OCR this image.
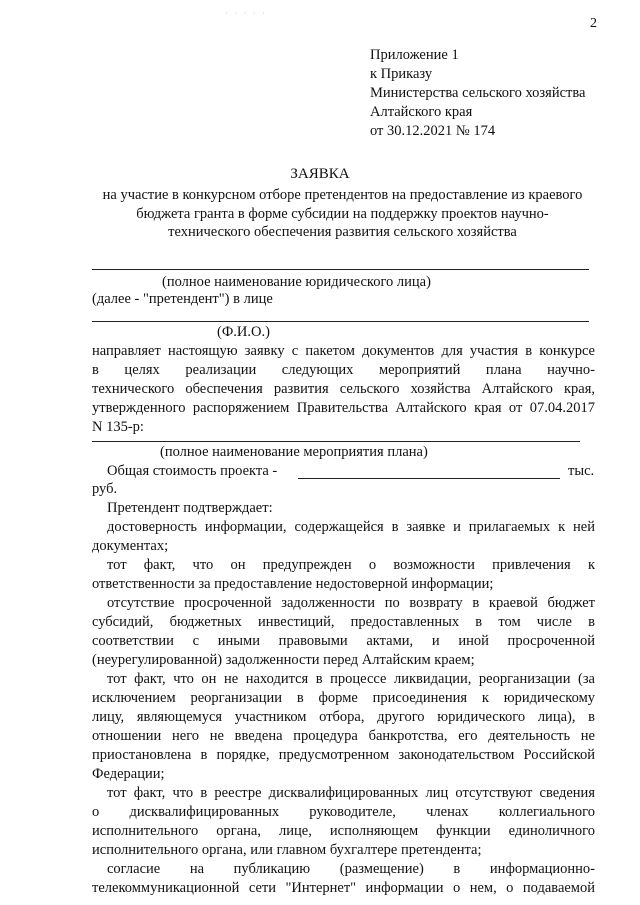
· · · · ·
2
Приложение 1
к Приказу
Министерства сельского хозяйства
Алтайского края
от 30.12.2021 № 174
ЗАЯВКА
на участие в конкурсном отборе претендентов на предоставление из краевого
бюджета гранта в форме субсидии на поддержку проектов научно-
технического обеспечения развития сельского хозяйства
(полное наименование юридического лица)
(далее - "претендент") в лице
(Ф.И.О.)
направляет настоящую заявку с пакетом документов для участия в конкурсе
в целях реализации следующих мероприятий плана научно-
технического обеспечения развития сельского хозяйства Алтайского края,
утвержденного распоряжением Правительства Алтайского края от 07.04.2017
N 135-р:
(полное наименование мероприятия плана)
Общая стоимость проекта -	тыс.
руб.
Претендент подтверждает:
достоверность информации, содержащейся в заявке и прилагаемых к ней
документах;
тот факт, что он предупрежден о возможности привлечения к
ответственности за предоставление недостоверной информации;
отсутствие просроченной задолженности по возврату в краевой бюджет
субсидий, бюджетных инвестиций, предоставленных в том числе в
соответствии с иными правовыми актами, и иной просроченной
(неурегулированной) задолженности перед Алтайским краем;
тот факт, что он не находится в процессе ликвидации, реорганизации (за
исключением реорганизации в форме присоединения к юридическому
лицу, являющемуся участником отбора, другого юридического лица), в
отношении него не введена процедура банкротства, его деятельность не
приостановлена в порядке, предусмотренном законодательством Российской
Федерации;
тот факт, что в реестре дисквалифицированных лиц отсутствуют сведения
о дисквалифицированных руководителе, членах коллегиального
исполнительного органа, лице, исполняющем функции единоличного
исполнительного органа, или главном бухгалтере претендента;
согласие на публикацию (размещение) в информационно-
телекоммуникационной сети "Интернет" информации о нем, о подаваемой
